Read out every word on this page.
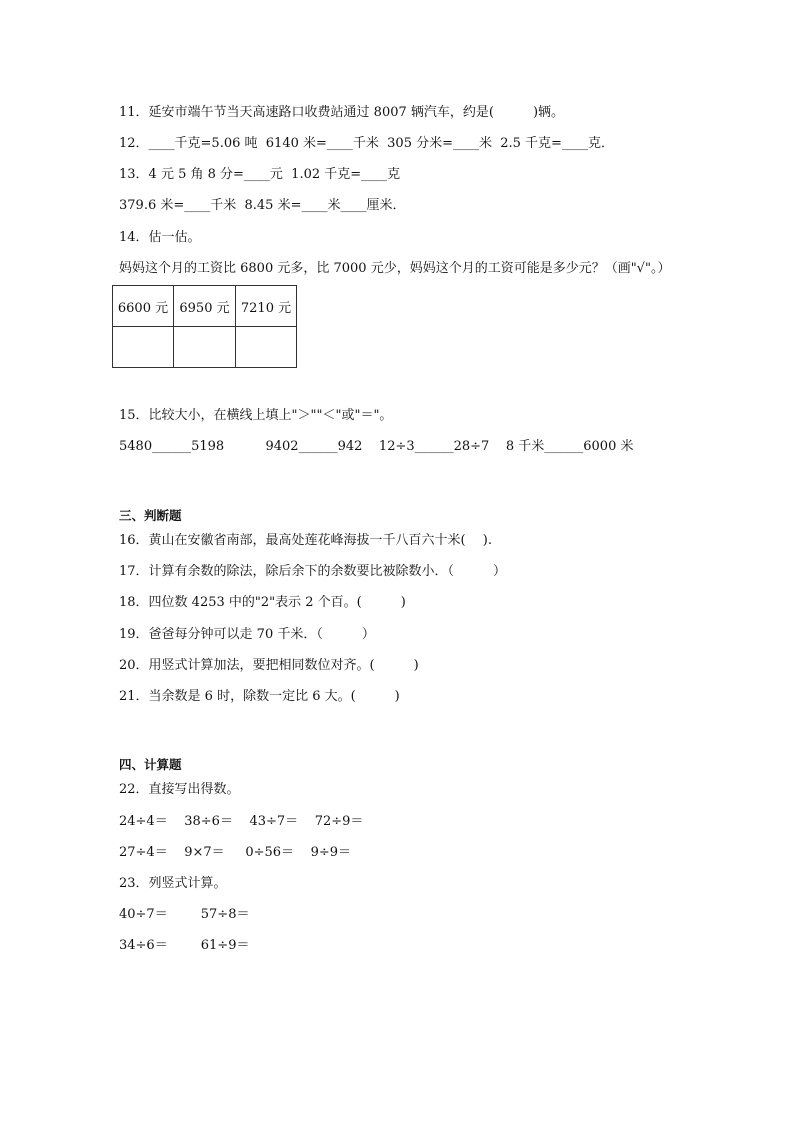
11．延安市端午节当天高速路口收费站通过 8007 辆汽车，约是(　　　)辆。
12．____千克=5.06 吨  6140 米=____千米  305 分米=____米  2.5 千克=____克．
13．4 元 5 角 8 分=____元  1.02 千克=____克
379.6 米=____千米  8.45 米=____米____厘米．
14．估一估。
妈妈这个月的工资比 6800 元多，比 7000 元少，妈妈这个月的工资可能是多少元？（画"√"。）
6600 元	6950 元	7210 元

15．比较大小，在横线上填上"＞""＜"或"＝"。
5480______5198          9402______942    12÷3______28÷7    8 千米______6000 米
三、判断题
16．黄山在安徽省南部，最高处莲花峰海拔一千八百六十米(　 ).
17．计算有余数的除法，除后余下的余数要比被除数小．（　　　）
18．四位数 4253 中的"2"表示 2 个百。(　　　)
19．爸爸每分钟可以走 70 千米．（　　　）
20．用竖式计算加法，要把相同数位对齐。(　　　)
21．当余数是 6 时，除数一定比 6 大。(　　　)
四、计算题
22．直接写出得数。
24÷4＝    38÷6＝    43÷7＝    72÷9＝
27÷4＝    9×7＝     0÷56＝    9÷9＝
23．列竖式计算。
40÷7＝        57÷8＝
34÷6＝        61÷9＝
